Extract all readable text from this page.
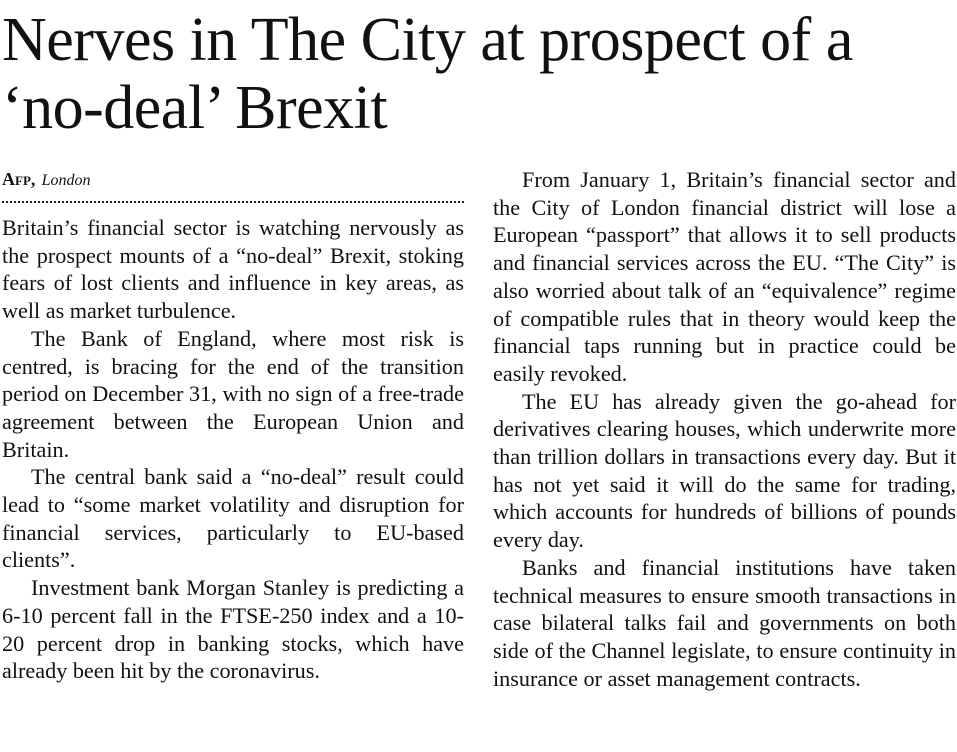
Nerves in The City at prospect of a ‘no-deal’ Brexit
Afp, London

Britain’s financial sector is watching nervously as the prospect mounts of a “no-deal” Brexit, stoking fears of lost clients and influence in key areas, as well as market turbulence.

The Bank of England, where most risk is centred, is bracing for the end of the transition period on December 31, with no sign of a free-trade agreement between the European Union and Britain.

The central bank said a “no-deal” result could lead to “some market volatility and disruption for financial services, particularly to EU-based clients”.

Investment bank Morgan Stanley is predicting a 6-10 percent fall in the FTSE-250 index and a 10-20 percent drop in banking stocks, which have already been hit by the coronavirus.

From January 1, Britain’s financial sector and the City of London financial district will lose a European “passport” that allows it to sell products and financial services across the EU. “The City” is also worried about talk of an “equivalence” regime of compatible rules that in theory would keep the financial taps running but in practice could be easily revoked.

The EU has already given the go-ahead for derivatives clearing houses, which underwrite more than trillion dollars in transactions every day. But it has not yet said it will do the same for trading, which accounts for hundreds of billions of pounds every day.

Banks and financial institutions have taken technical measures to ensure smooth transactions in case bilateral talks fail and governments on both side of the Channel legislate, to ensure continuity in insurance or asset management contracts.
